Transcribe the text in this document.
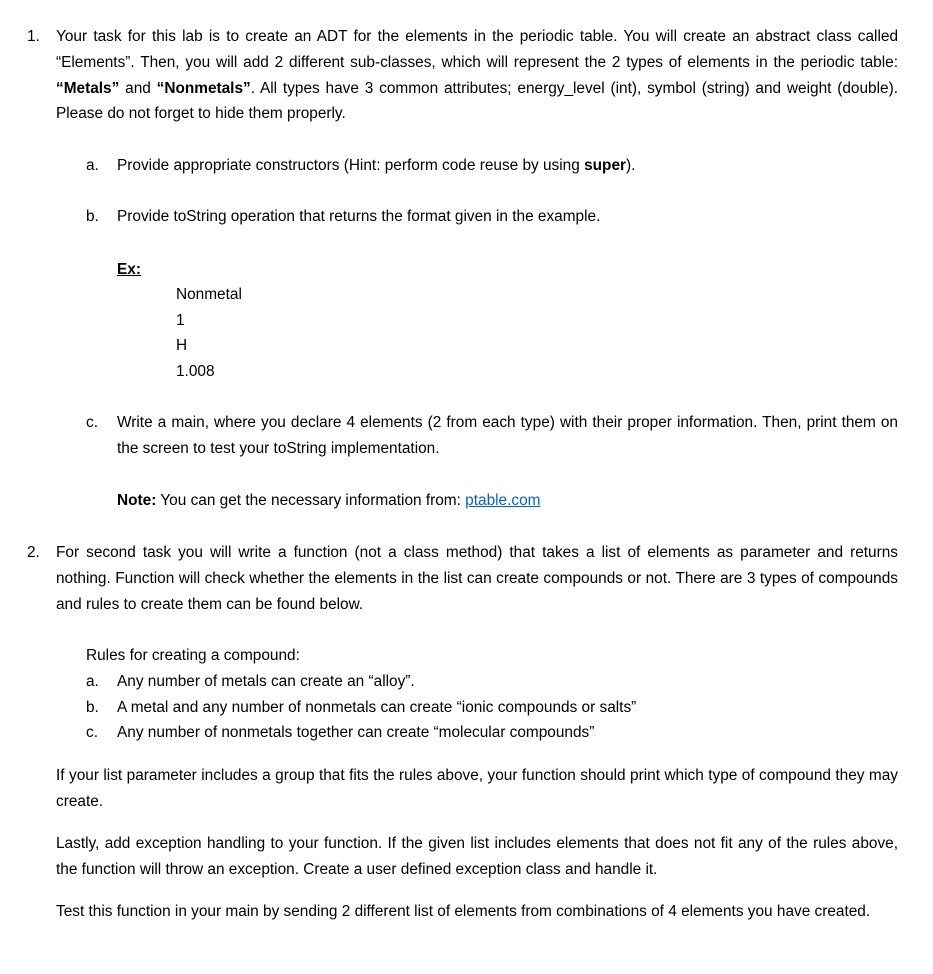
1. Your task for this lab is to create an ADT for the elements in the periodic table. You will create an abstract class called “Elements”. Then, you will add 2 different sub-classes, which will represent the 2 types of elements in the periodic table: “Metals” and “Nonmetals”. All types have 3 common attributes; energy_level (int), symbol (string) and weight (double). Please do not forget to hide them properly.
a. Provide appropriate constructors (Hint: perform code reuse by using super).
b. Provide toString operation that returns the format given in the example.
Ex:
Nonmetal
1
H
1.008
c. Write a main, where you declare 4 elements (2 from each type) with their proper information. Then, print them on the screen to test your toString implementation.
Note: You can get the necessary information from: ptable.com
2. For second task you will write a function (not a class method) that takes a list of elements as parameter and returns nothing. Function will check whether the elements in the list can create compounds or not. There are 3 types of compounds and rules to create them can be found below.
Rules for creating a compound:
a. Any number of metals can create an “alloy”.
b. A metal and any number of nonmetals can create “ionic compounds or salts”
c. Any number of nonmetals together can create “molecular compounds”
If your list parameter includes a group that fits the rules above, your function should print which type of compound they may create.
Lastly, add exception handling to your function. If the given list includes elements that does not fit any of the rules above, the function will throw an exception. Create a user defined exception class and handle it.
Test this function in your main by sending 2 different list of elements from combinations of 4 elements you have created.
